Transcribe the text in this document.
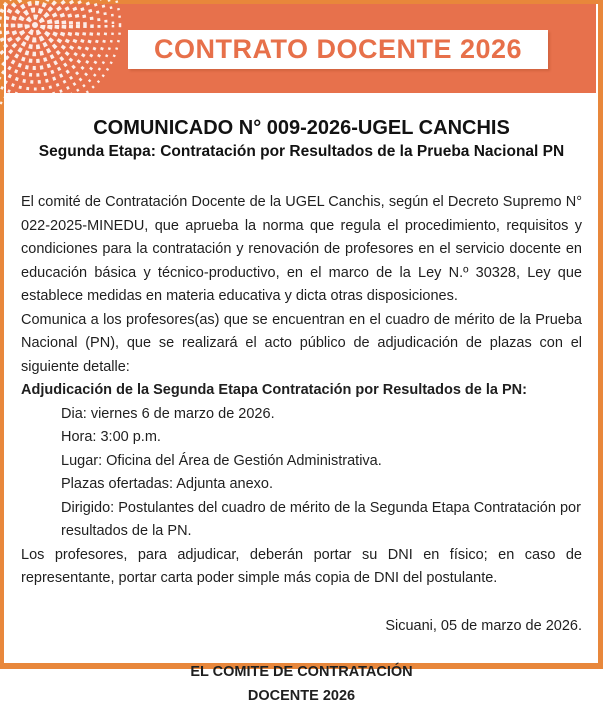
CONTRATO DOCENTE 2026
COMUNICADO N° 009-2026-UGEL CANCHIS
Segunda Etapa: Contratación por Resultados de la Prueba Nacional PN
El comité de Contratación Docente de la UGEL Canchis, según el Decreto Supremo N° 022-2025-MINEDU, que aprueba la norma que regula el procedimiento, requisitos y condiciones para la contratación y renovación de profesores en el servicio docente en educación básica y técnico-productivo, en el marco de la Ley N.º 30328, Ley que establece medidas en materia educativa y dicta otras disposiciones.
Comunica a los profesores(as) que se encuentran en el cuadro de mérito de la Prueba Nacional (PN), que se realizará el acto público de adjudicación de plazas con el siguiente detalle:
Adjudicación de la Segunda Etapa Contratación por Resultados de la PN:
Dia: viernes 6 de marzo de 2026.
Hora: 3:00 p.m.
Lugar: Oficina del Área de Gestión Administrativa.
Plazas ofertadas: Adjunta anexo.
Dirigido: Postulantes del cuadro de mérito de la Segunda Etapa Contratación por resultados de la PN.
Los profesores, para adjudicar, deberán portar su DNI en físico; en caso de representante, portar carta poder simple más copia de DNI del postulante.
Sicuani, 05 de marzo de 2026.
EL COMITE DE CONTRATACIÓN
DOCENTE 2026
